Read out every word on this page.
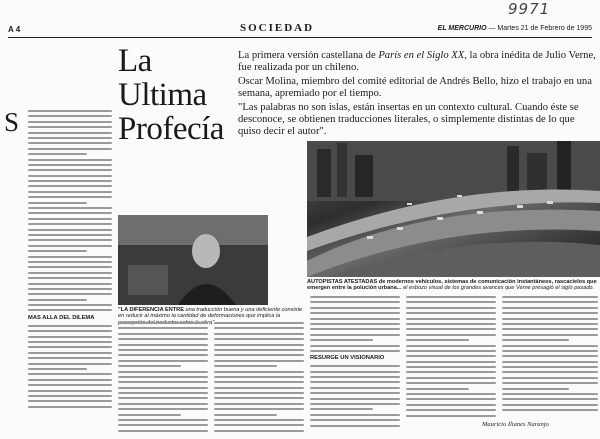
9971
A 4	SOCIEDAD	EL MERCURIO — Martes 21 de Febrero de 1995
La Ultima
Profecía

La primera versión castellana de París en el Siglo XX, la obra inédita de Julio Verne, fue realizada por un chileno.

Oscar Molina, miembro del comité editorial de Andrés Bello, hizo el trabajo en una semana, apremiado por el tiempo.

"Las palabras no son islas, están insertas en un contexto cultural. Cuando éste se desconoce, se obtienen traducciones literales, o simplemente distintas de lo que quiso decir el autor".

S
AUTOPISTAS ATESTADAS de modernos vehículos, sistemas de comunicación instantáneos, rascacielos que emergen entre la polución urbana... el esbozo visual de los grandes avances que Verne presagió el siglo pasado.
"LA DIFERENCIA ENTRE una traducción buena y una deficiente consiste en reducir al máximo la cantidad de deformaciones que implica la obra".
MAS ALLA DEL DILEMA
RESURGE UN VISIONARIO
Mauricio Ilianes Naranjo
